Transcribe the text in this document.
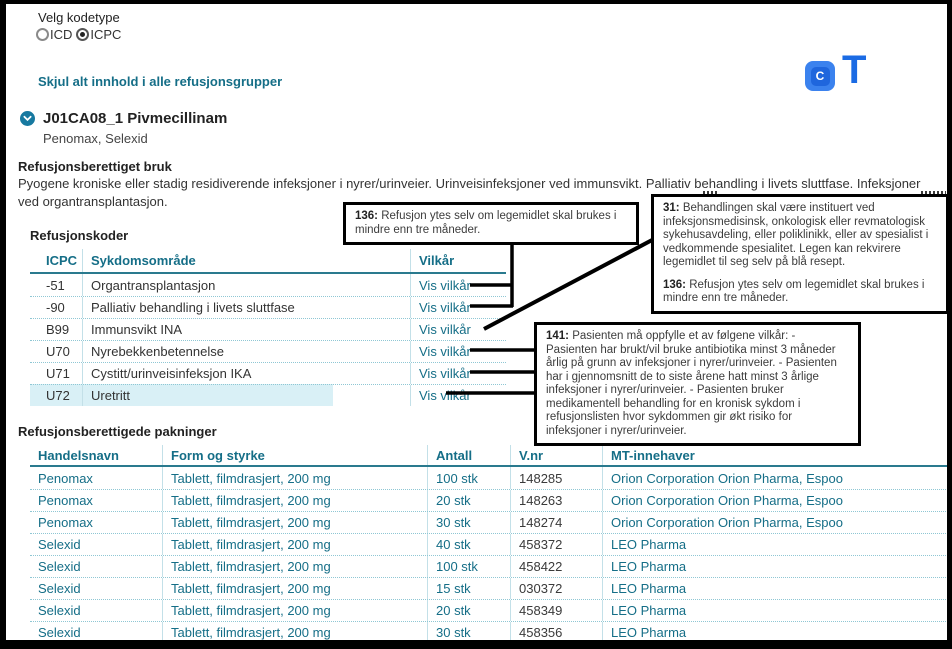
Velg kodetype
ICD ICPC
Skjul alt innhold i alle refusjonsgrupper	C T
J01CA08_1 Pivmecillinam
Penomax, Selexid
Refusjonsberettiget bruk
Pyogene kroniske eller stadig residiverende infeksjoner i nyrer/urinveier. Urinveisinfeksjoner ved immunsvikt. Palliativ behandling i livets sluttfase. Infeksjoner ved organtransplantasjon.
Refusjonskoder
ICPC	Sykdomsområde	Vilkår
-51	Organtransplantasjon	Vis vilkår
-90	Palliativ behandling i livets sluttfase	Vis vilkår
B99	Immunsvikt INA	Vis vilkår
U70	Nyrebekkenbetennelse	Vis vilkår
U71	Cystitt/urinveisinfeksjon IKA	Vis vilkår
U72	Uretritt	Vis vilkår
Refusjonsberettigede pakninger
Handelsnavn	Form og styrke	Antall	V.nr	MT-innehaver
Penomax	Tablett, filmdrasjert, 200 mg	100 stk	148285	Orion Corporation Orion Pharma, Espoo
Penomax	Tablett, filmdrasjert, 200 mg	20 stk	148263	Orion Corporation Orion Pharma, Espoo
Penomax	Tablett, filmdrasjert, 200 mg	30 stk	148274	Orion Corporation Orion Pharma, Espoo
Selexid	Tablett, filmdrasjert, 200 mg	40 stk	458372	LEO Pharma
Selexid	Tablett, filmdrasjert, 200 mg	100 stk	458422	LEO Pharma
Selexid	Tablett, filmdrasjert, 200 mg	15 stk	030372	LEO Pharma
Selexid	Tablett, filmdrasjert, 200 mg	20 stk	458349	LEO Pharma
Selexid	Tablett, filmdrasjert, 200 mg	30 stk	458356	LEO Pharma
136: Refusjon ytes selv om legemidlet skal brukes i mindre enn tre måneder.
31: Behandlingen skal være instituert ved infeksjonsmedisinsk, onkologisk eller revmatologisk sykehusavdeling, eller poliklinikk, eller av spesialist i vedkommende spesialitet. Legen kan rekvirere legemidlet til seg selv på blå resept.
136: Refusjon ytes selv om legemidlet skal brukes i mindre enn tre måneder.
141: Pasienten må oppfylle et av følgene vilkår: - Pasienten har brukt/vil bruke antibiotika minst 3 måneder årlig på grunn av infeksjoner i nyrer/urinveier. - Pasienten har i gjennomsnitt de to siste årene hatt minst 3 årlige infeksjoner i nyrer/urinveier. - Pasienten bruker medikamentell behandling for en kronisk sykdom i refusjonslisten hvor sykdommen gir økt risiko for infeksjoner i nyrer/urinveier.
